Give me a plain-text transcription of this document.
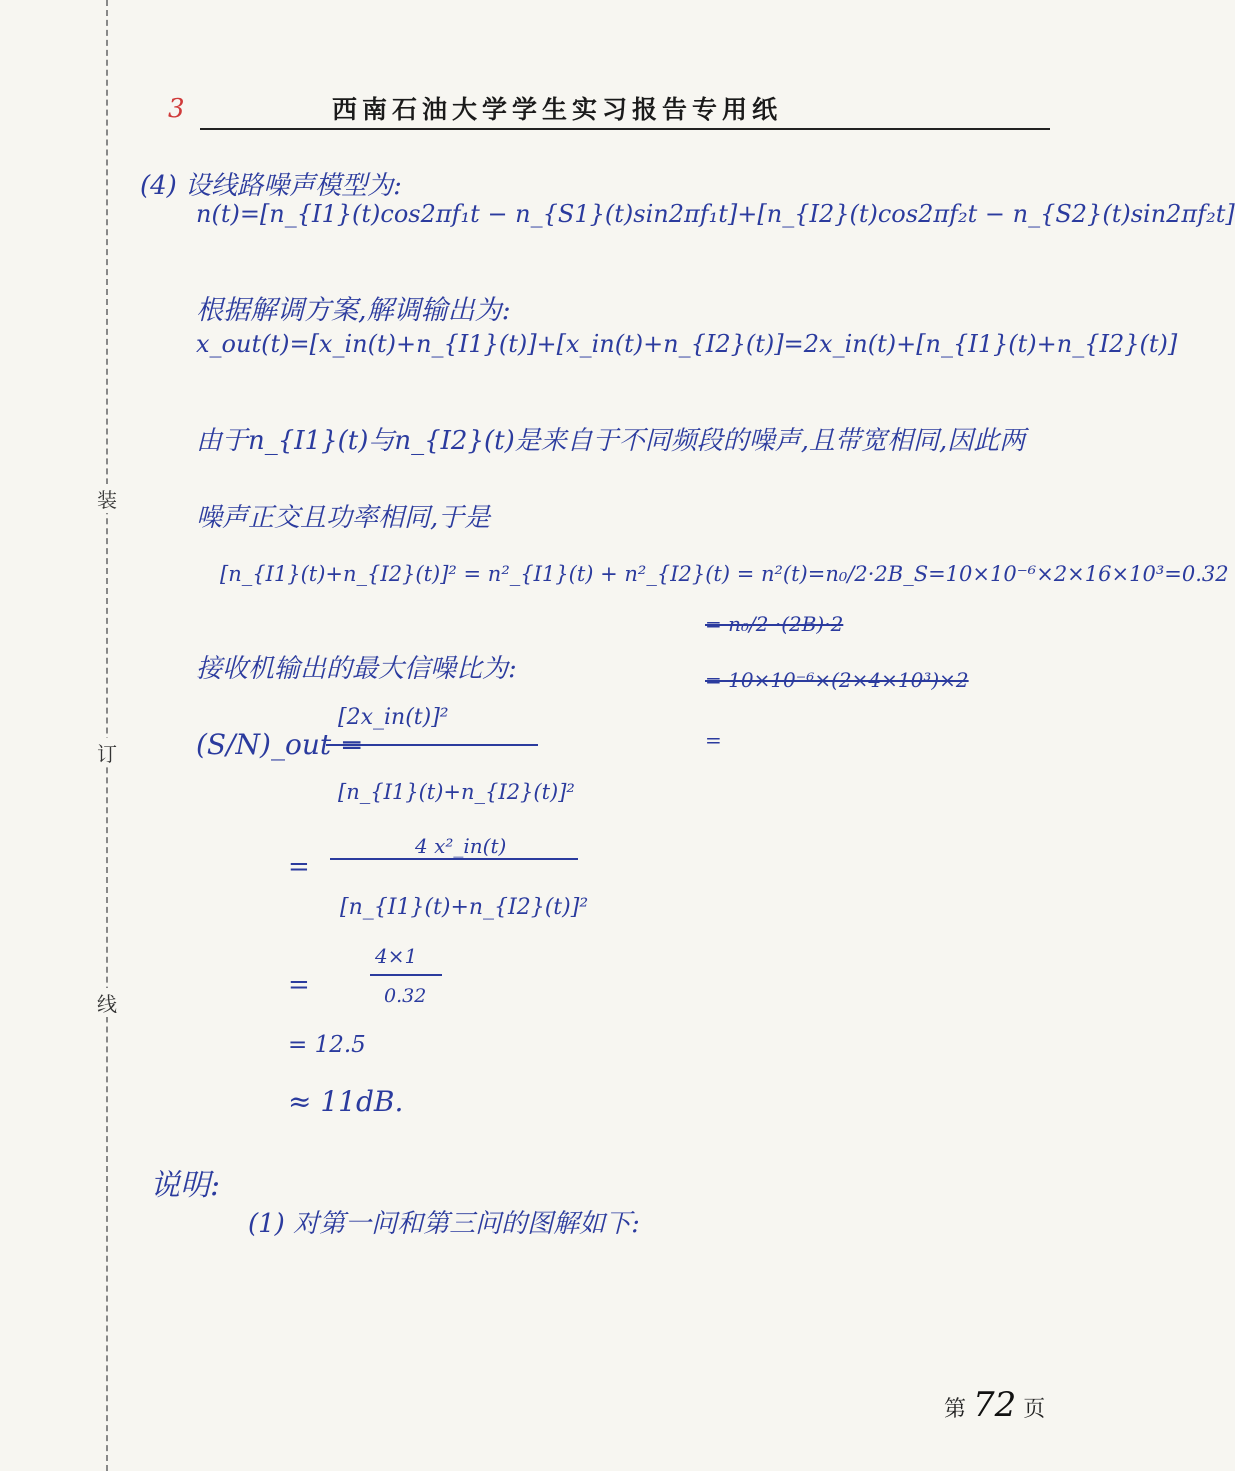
装
订
线
3	西南石油大学学生实习报告专用纸
(4) 设线路噪声模型为:
n(t)=[n_{I1}(t)cos2πf₁t − n_{S1}(t)sin2πf₁t]+[n_{I2}(t)cos2πf₂t − n_{S2}(t)sin2πf₂t]
根据解调方案,解调输出为:
x_out(t)=[x_in(t)+n_{I1}(t)]+[x_in(t)+n_{I2}(t)]=2x_in(t)+[n_{I1}(t)+n_{I2}(t)]
由于n_{I1}(t)与n_{I2}(t)是来自于不同频段的噪声,且带宽相同,因此两
噪声正交且功率相同,于是
[n_{I1}(t)+n_{I2}(t)]² = n²_{I1}(t) + n²_{I2}(t) = n²(t)=n₀/2·2B_S=10×10⁻⁶×2×16×10³=0.32
= n₀/2 ·(2B)·2
接收机输出的最大信噪比为:	= 10×10⁻⁶×(2×4×10³)×2
=
(S/N)_out =
[2x_in(t)]²
[n_{I1}(t)+n_{I2}(t)]²
=
4 x²_in(t)
[n_{I1}(t)+n_{I2}(t)]²
=
4×1
0.32
= 12.5
≈ 11dB.
说明:
(1) 对第一问和第三问的图解如下:
第 72 页
